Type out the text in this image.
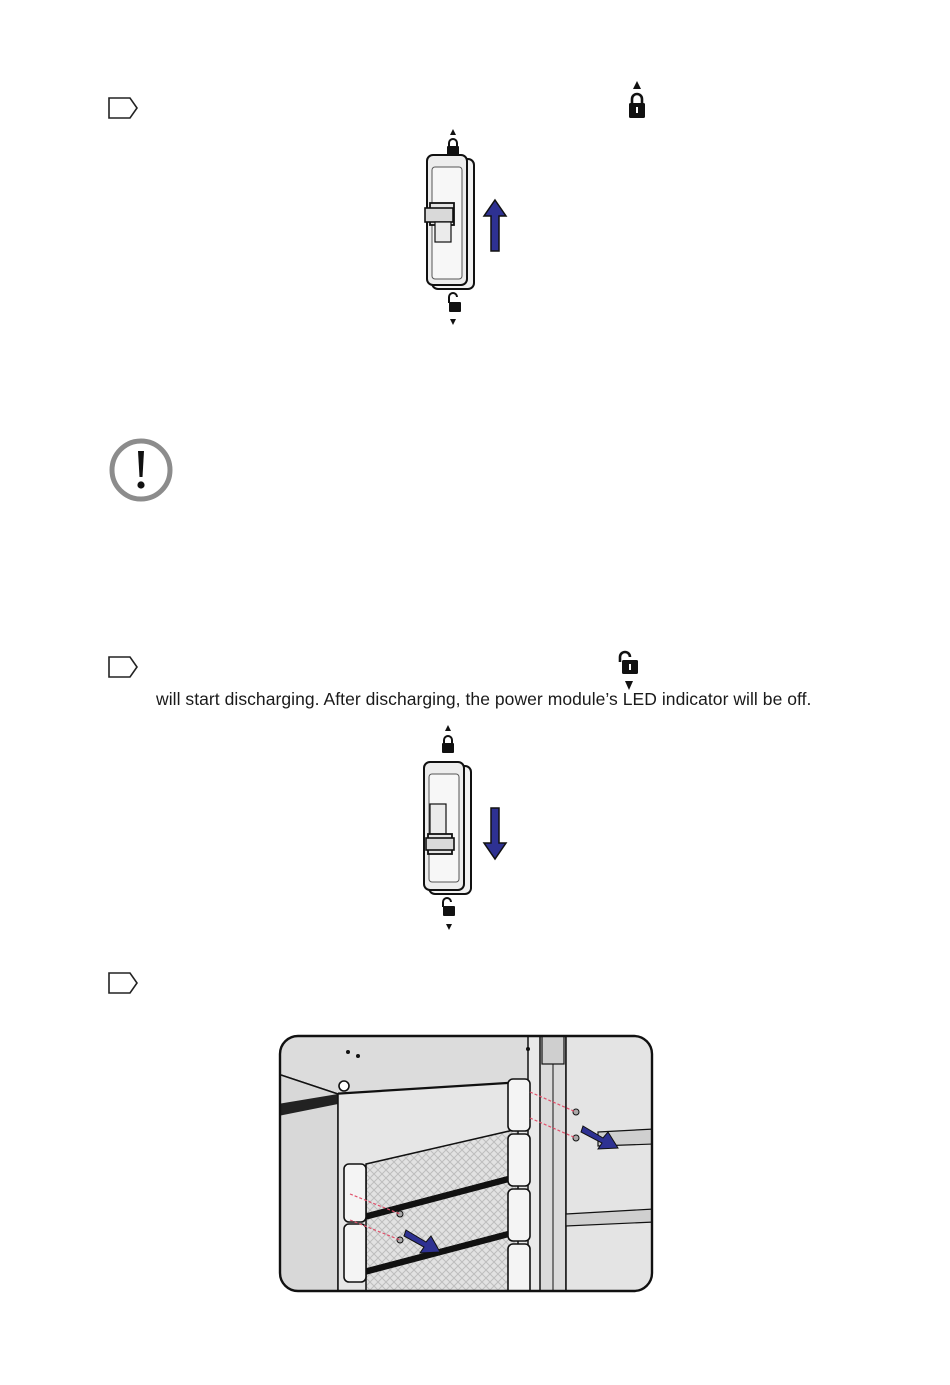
will start discharging. After discharging, the power module’s LED indicator will be off.
